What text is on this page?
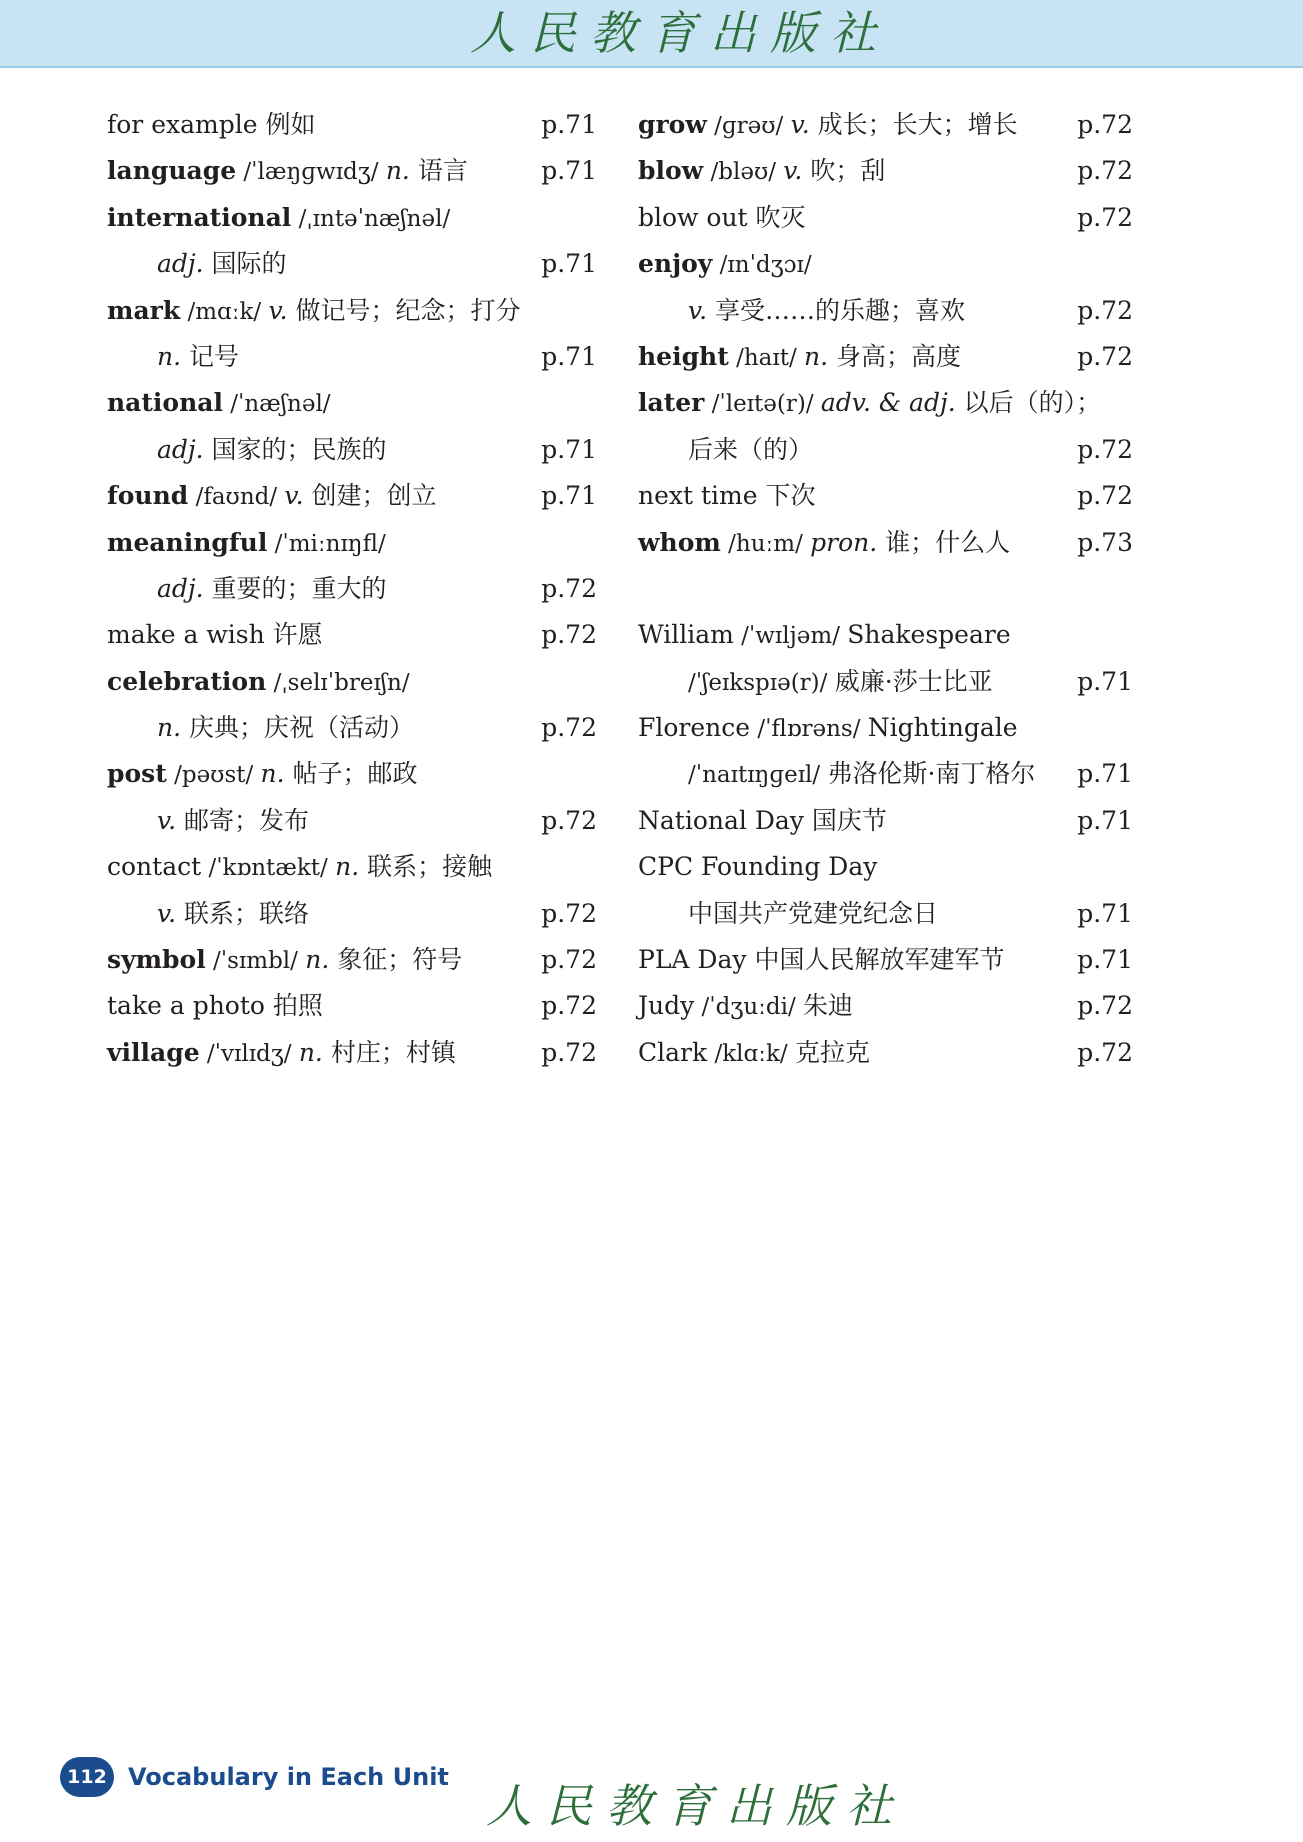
人民教育出版社
for example 例如	p.71
language /ˈlæŋɡwɪdʒ/ n. 语言	p.71
international /ˌɪntəˈnæʃnəl/
adj. 国际的	p.71
mark /mɑːk/ v. 做记号；纪念；打分
n. 记号	p.71
national /ˈnæʃnəl/
adj. 国家的；民族的	p.71
found /faʊnd/ v. 创建；创立	p.71
meaningful /ˈmiːnɪŋfl/
adj. 重要的；重大的	p.72
make a wish 许愿	p.72
celebration /ˌselɪˈbreɪʃn/
n. 庆典；庆祝（活动）	p.72
post /pəʊst/ n. 帖子；邮政
v. 邮寄；发布	p.72
contact /ˈkɒntækt/ n. 联系；接触
v. 联系；联络	p.72
symbol /ˈsɪmbl/ n. 象征；符号	p.72
take a photo 拍照	p.72
village /ˈvɪlɪdʒ/ n. 村庄；村镇	p.72
grow /ɡrəʊ/ v. 成长；长大；增长 p.72
blow /bləʊ/ v. 吹；刮	p.72
blow out 吹灭	p.72
enjoy /ɪnˈdʒɔɪ/
v. 享受……的乐趣；喜欢	p.72
height /haɪt/ n. 身高；高度	p.72
later /ˈleɪtə(r)/ adv. & adj. 以后（的）；
后来（的）	p.72
next time 下次	p.72
whom /huːm/ pron. 谁；什么人	p.73
William /ˈwɪljəm/ Shakespeare
/ˈʃeɪkspɪə(r)/ 威廉·莎士比亚	p.71
Florence /ˈflɒrəns/ Nightingale
/ˈnaɪtɪŋɡeɪl/ 弗洛伦斯·南丁格尔 p.71
National Day 国庆节	p.71
CPC Founding Day
中国共产党建党纪念日	p.71
PLA Day 中国人民解放军建军节	p.71
Judy /ˈdʒuːdi/ 朱迪	p.72
Clark /klɑːk/ 克拉克	p.72
112 Vocabulary in Each Unit
人民教育出版社
